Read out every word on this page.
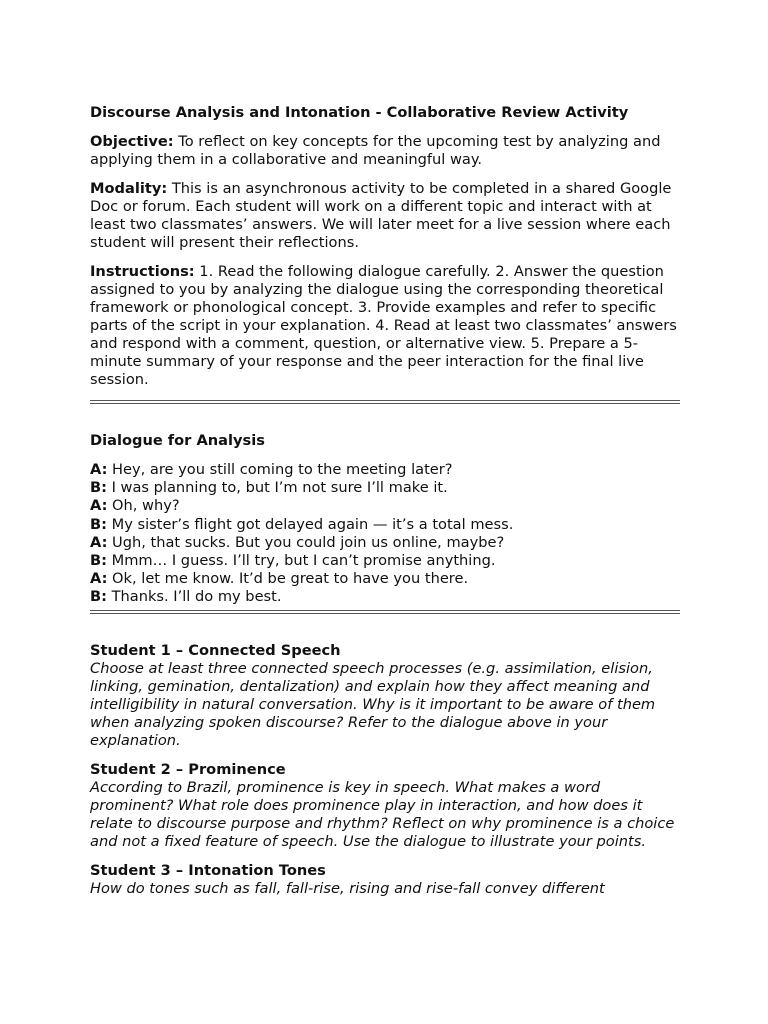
Discourse Analysis and Intonation - Collaborative Review Activity

Objective: To reflect on key concepts for the upcoming test by analyzing and applying them in a collaborative and meaningful way.

Modality: This is an asynchronous activity to be completed in a shared Google Doc or forum. Each student will work on a different topic and interact with at least two classmates’ answers. We will later meet for a live session where each student will present their reflections.

Instructions: 1. Read the following dialogue carefully. 2. Answer the question assigned to you by analyzing the dialogue using the corresponding theoretical framework or phonological concept. 3. Provide examples and refer to specific parts of the script in your explanation. 4. Read at least two classmates’ answers and respond with a comment, question, or alternative view. 5. Prepare a 5-minute summary of your response and the peer interaction for the final live session.

Dialogue for Analysis

A: Hey, are you still coming to the meeting later?

B: I was planning to, but I’m not sure I’ll make it.

A: Oh, why?

B: My sister’s flight got delayed again — it’s a total mess.

A: Ugh, that sucks. But you could join us online, maybe?

B: Mmm… I guess. I’ll try, but I can’t promise anything.

A: Ok, let me know. It’d be great to have you there.

B: Thanks. I’ll do my best.

Student 1 – Connected Speech

Choose at least three connected speech processes (e.g. assimilation, elision, linking, gemination, dentalization) and explain how they affect meaning and intelligibility in natural conversation. Why is it important to be aware of them when analyzing spoken discourse? Refer to the dialogue above in your explanation.

Student 2 – Prominence

According to Brazil, prominence is key in speech. What makes a word prominent? What role does prominence play in interaction, and how does it relate to discourse purpose and rhythm? Reflect on why prominence is a choice and not a fixed feature of speech. Use the dialogue to illustrate your points.

Student 3 – Intonation Tones

How do tones such as fall, fall-rise, rising and rise-fall convey different
